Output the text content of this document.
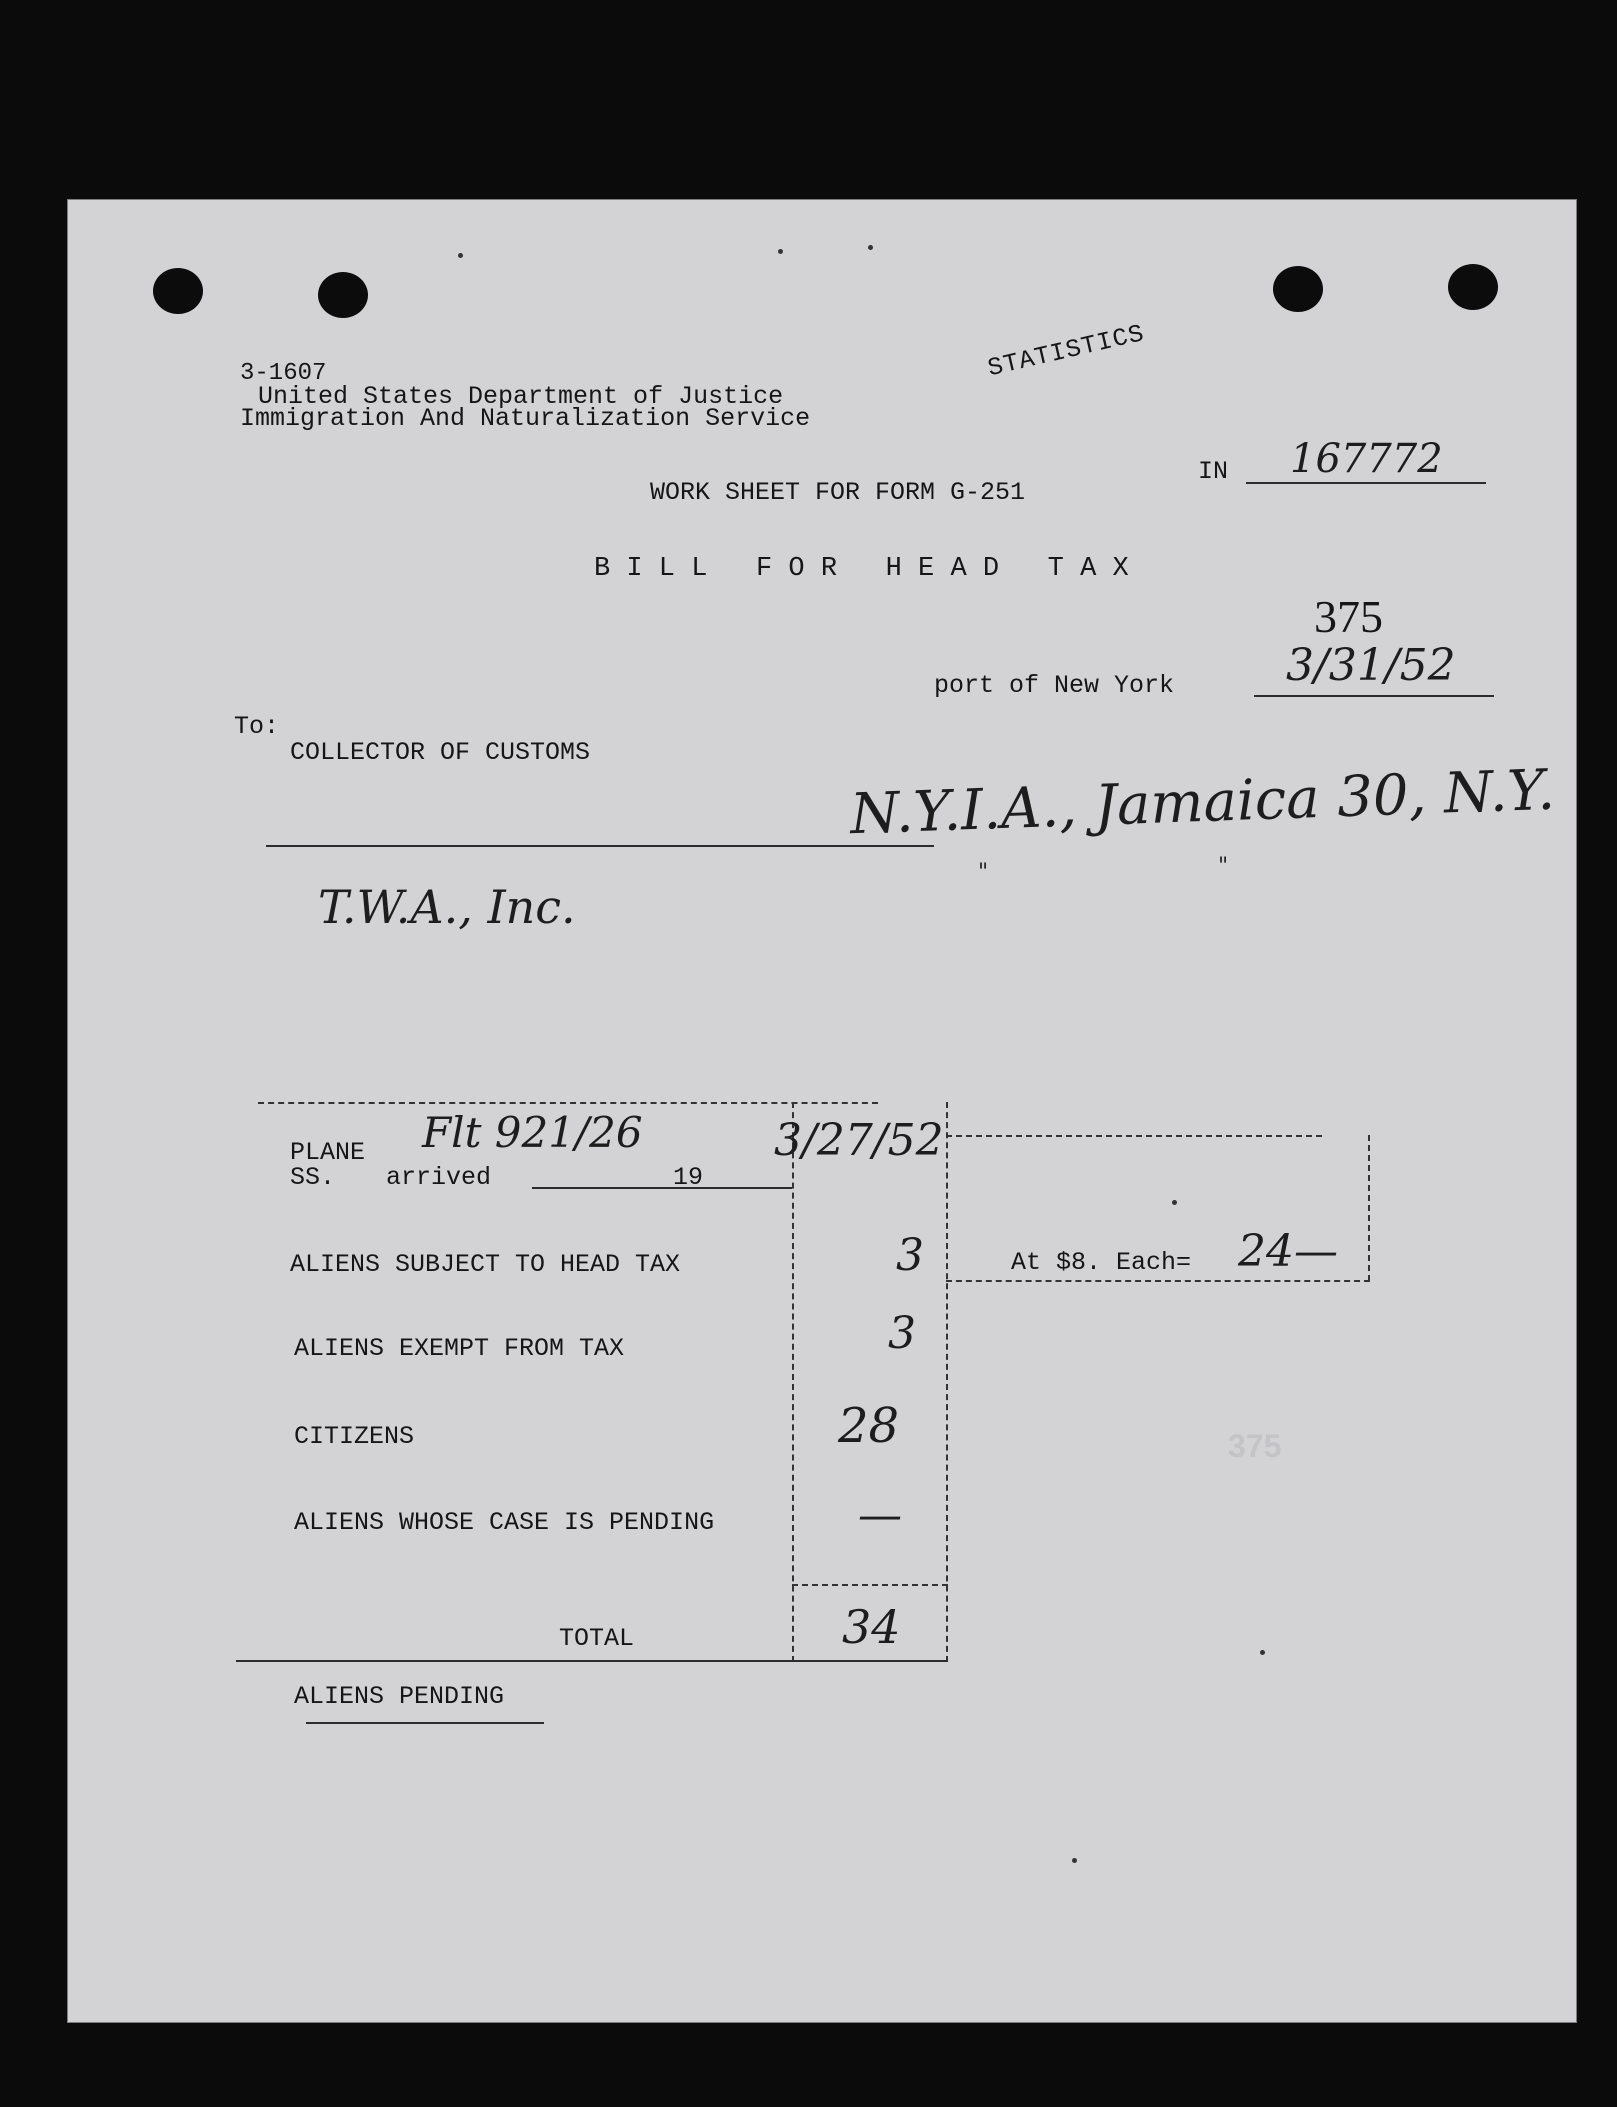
3-1607
United States Department of Justice
Immigration And Naturalization Service
STATISTICS
WORK SHEET FOR FORM G-251
IN 167772
B I L L   F O R   H E A D   T A X
375
port of New York	3/31/52
To:
COLLECTOR OF CUSTOMS
N.Y.I.A., Jamaica 30, N.Y.
"	"
T.W.A., Inc.
PLANE Flt 921/26
SS. arrived	19
3/27/52
ALIENS SUBJECT TO HEAD TAX	3
ALIENS EXEMPT FROM TAX	3
CITIZENS	28
ALIENS WHOSE CASE IS PENDING	—
At $8. Each= 24—
TOTAL	34
ALIENS PENDING
375
